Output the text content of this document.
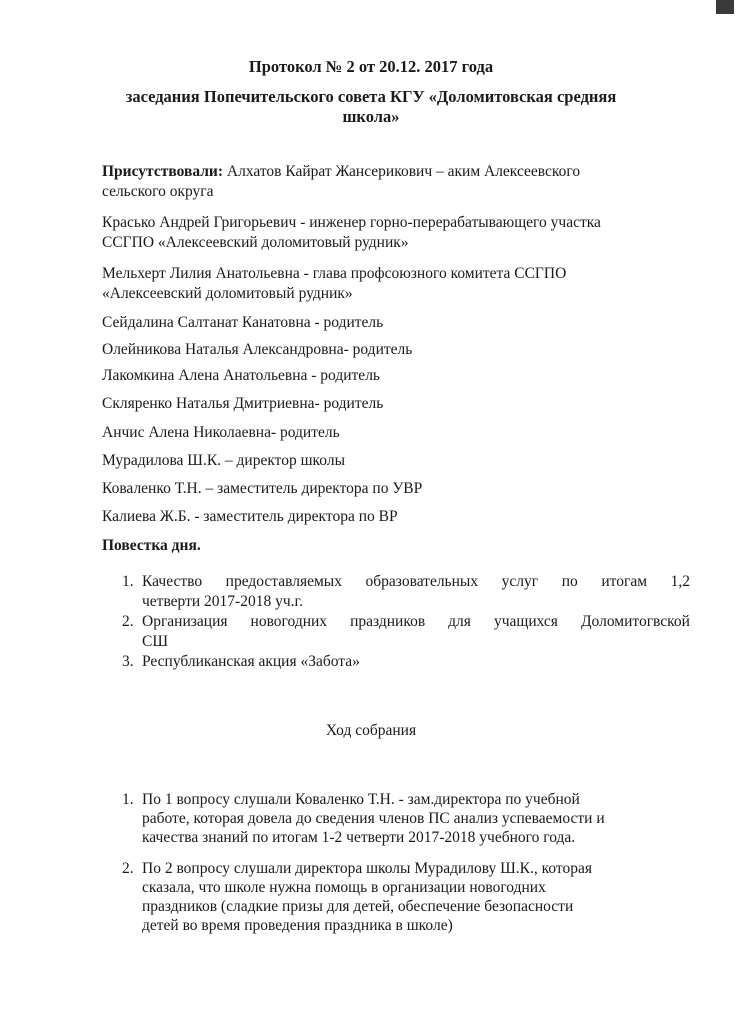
Протокол № 2 от 20.12. 2017 года
заседания Попечительского совета КГУ «Доломитовская средняя
школа»
Присутствовали: Алхатов Кайрат Жансерикович – аким Алексеевского
сельского округа
Красько Андрей Григорьевич - инженер горно-перерабатывающего участка
ССГПО «Алексеевский доломитовый рудник»
Мельхерт Лилия Анатольевна - глава профсоюзного комитета ССГПО
«Алексеевский доломитовый рудник»
Сейдалина Салтанат Канатовна - родитель
Олейникова Наталья Александровна- родитель
Лакомкина Алена Анатольевна - родитель
Скляренко Наталья Дмитриевна- родитель
Анчис Алена Николаевна- родитель
Мурадилова Ш.К. – директор школы
Коваленко Т.Н. – заместитель директора по УВР
Калиева Ж.Б. - заместитель директора по ВР
Повестка дня.
1. Качество предоставляемых образовательных услуг по итогам 1,2
четверти 2017-2018 уч.г.
2. Организация новогодних праздников для учащихся Доломитогвской
СШ
3. Республиканская акция «Забота»
Ход собрания
1. По 1 вопросу слушали Коваленко Т.Н. - зам.директора по учебной
работе, которая довела до сведения членов ПС анализ успеваемости и
качества знаний по итогам 1-2 четверти 2017-2018 учебного года.
2. По 2 вопросу слушали директора школы Мурадилову Ш.К., которая
сказала, что школе нужна помощь в организации новогодних
праздников (сладкие призы для детей, обеспечение безопасности
детей во время проведения праздника в школе)
